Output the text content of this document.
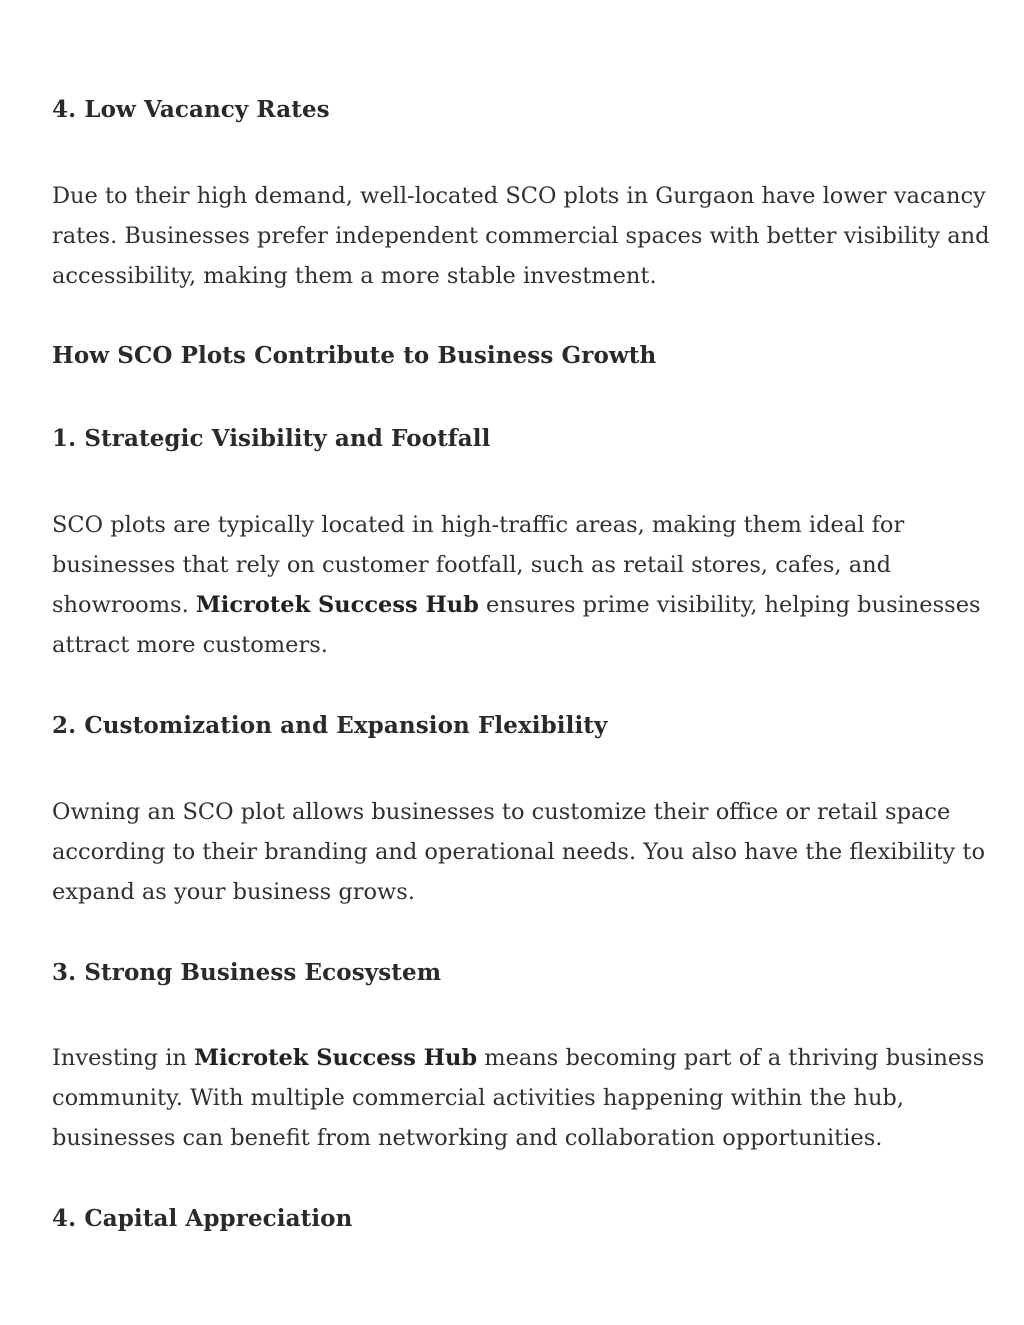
4. Low Vacancy Rates

Due to their high demand, well-located SCO plots in Gurgaon have lower vacancy
rates. Businesses prefer independent commercial spaces with better visibility and
accessibility, making them a more stable investment.

How SCO Plots Contribute to Business Growth
1. Strategic Visibility and Footfall

SCO plots are typically located in high-traffic areas, making them ideal for
businesses that rely on customer footfall, such as retail stores, cafes, and
showrooms. Microtek Success Hub ensures prime visibility, helping businesses
attract more customers.

2. Customization and Expansion Flexibility

Owning an SCO plot allows businesses to customize their office or retail space
according to their branding and operational needs. You also have the flexibility to
expand as your business grows.

3. Strong Business Ecosystem

Investing in Microtek Success Hub means becoming part of a thriving business
community. With multiple commercial activities happening within the hub,
businesses can benefit from networking and collaboration opportunities.

4. Capital Appreciation
